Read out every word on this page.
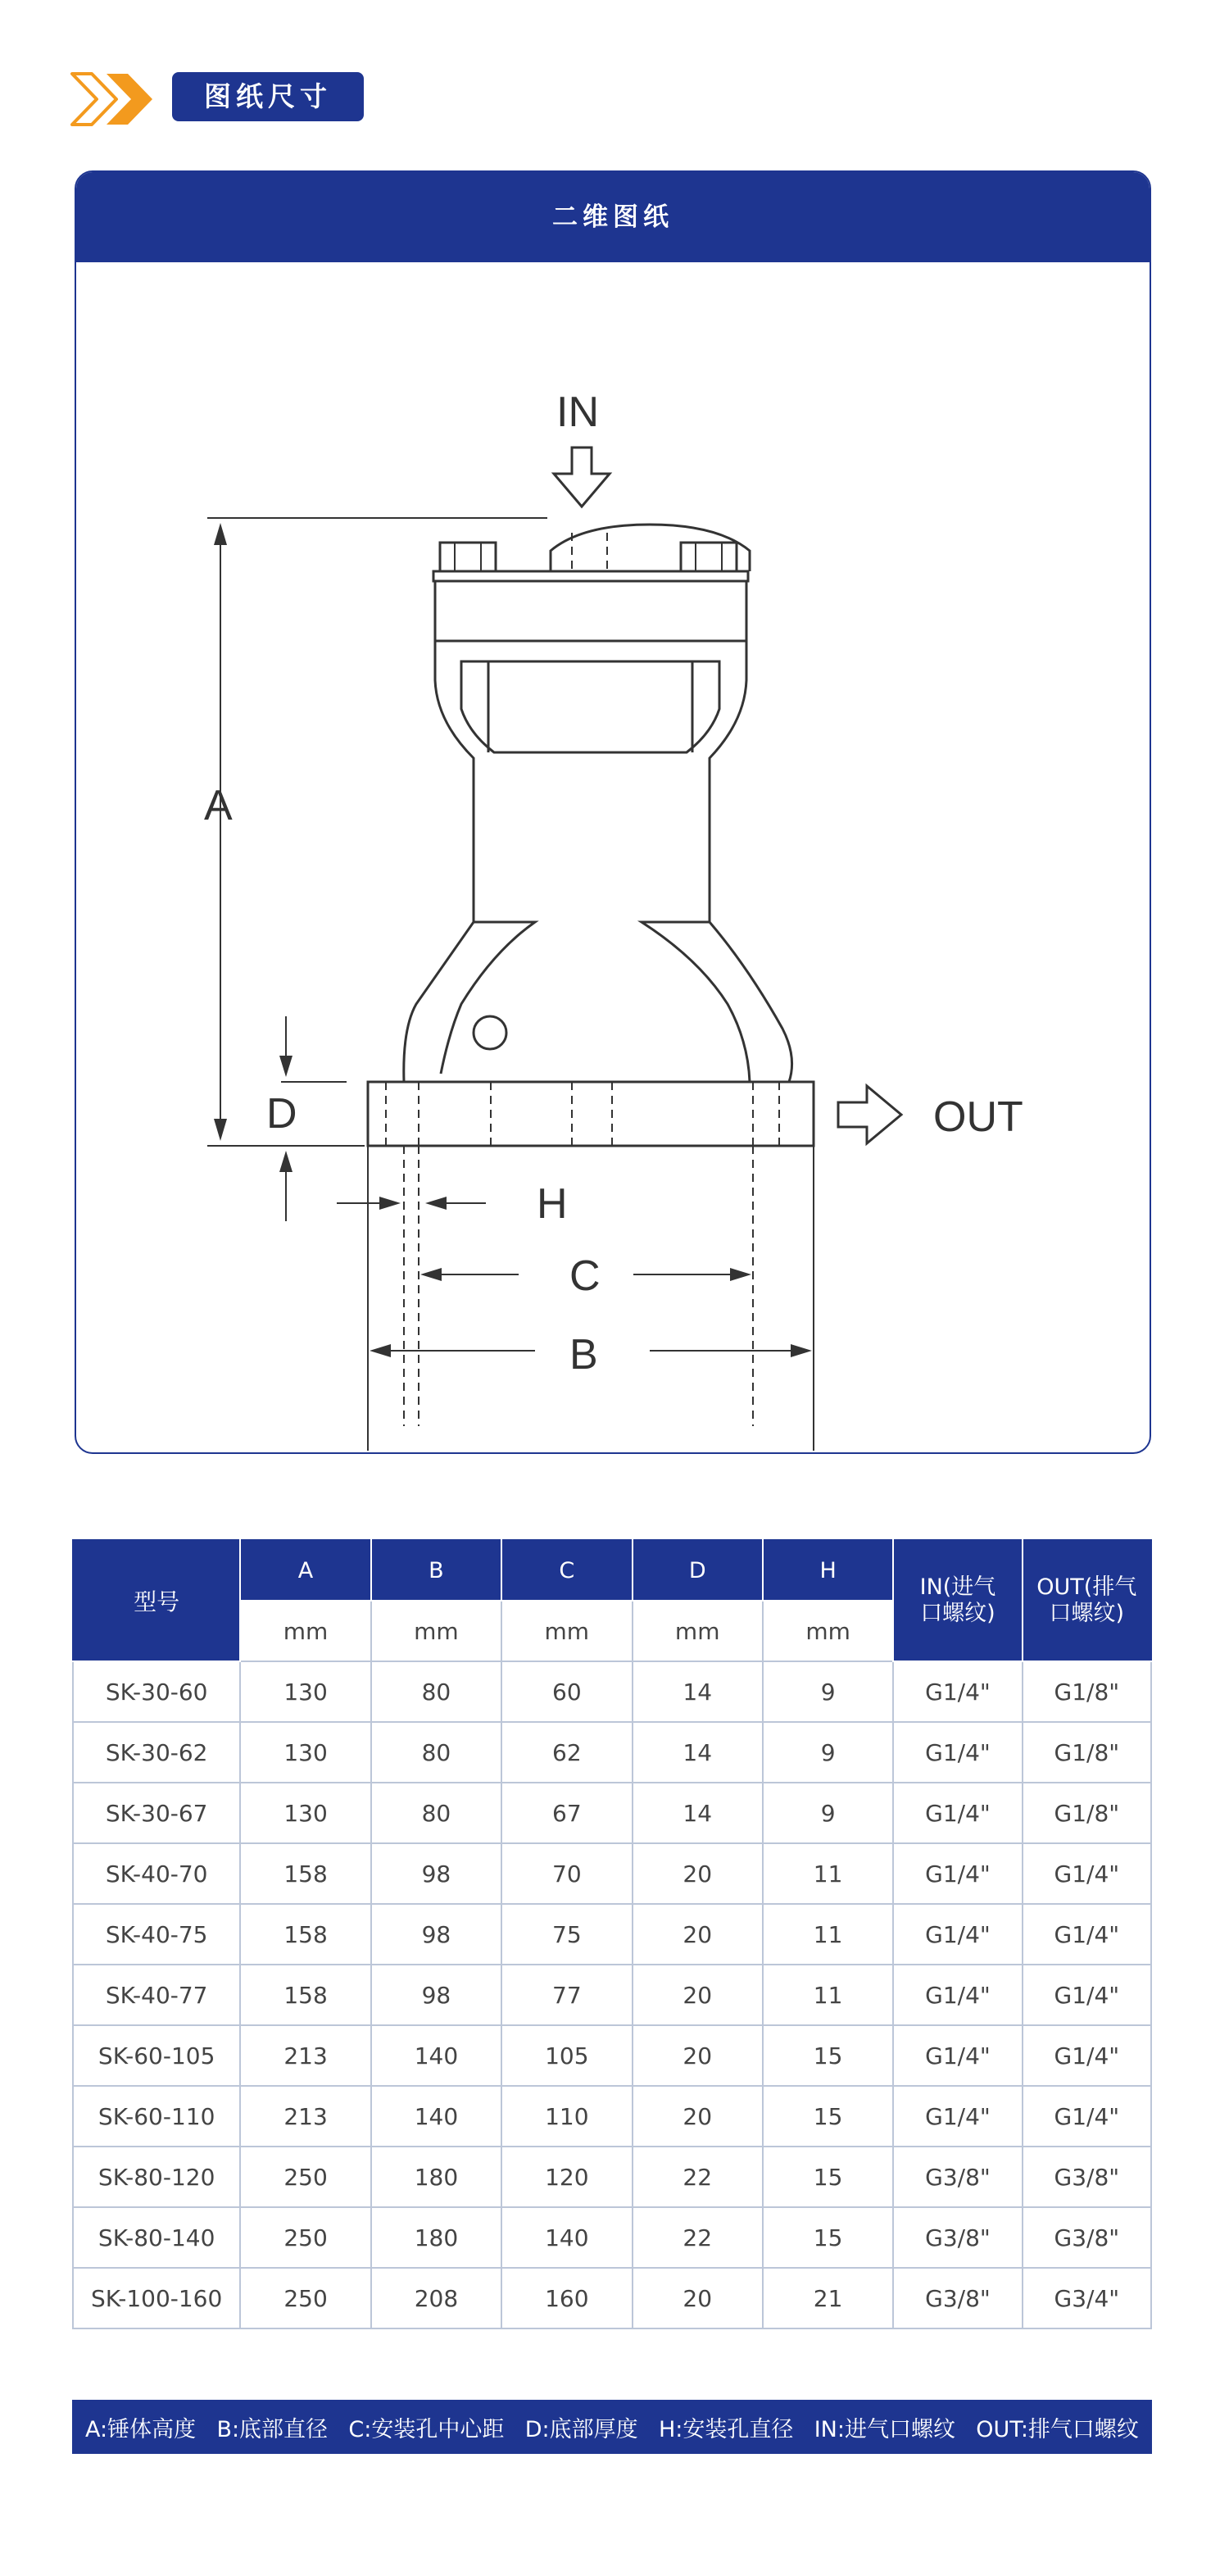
图纸尺寸
二维图纸
IN
OUT
A
D
H
C
B
型号	A	B	C	D	H	IN(进气
口螺纹)	OUT(排气
口螺纹)
	mm	mm	mm	mm	mm		
SK-30-60	130	80	60	14	9	G1/4"	G1/8"
SK-30-62	130	80	62	14	9	G1/4"	G1/8"
SK-30-67	130	80	67	14	9	G1/4"	G1/8"
SK-40-70	158	98	70	20	11	G1/4"	G1/4"
SK-40-75	158	98	75	20	11	G1/4"	G1/4"
SK-40-77	158	98	77	20	11	G1/4"	G1/4"
SK-60-105	213	140	105	20	15	G1/4"	G1/4"
SK-60-110	213	140	110	20	15	G1/4"	G1/4"
SK-80-120	250	180	120	22	15	G3/8"	G3/8"
SK-80-140	250	180	140	22	15	G3/8"	G3/8"
SK-100-160	250	208	160	20	21	G3/8"	G3/4"
A:锤体高度 B:底部直径 C:安装孔中心距 D:底部厚度 H:安装孔直径 IN:进气口螺纹 OUT:排气口螺纹
